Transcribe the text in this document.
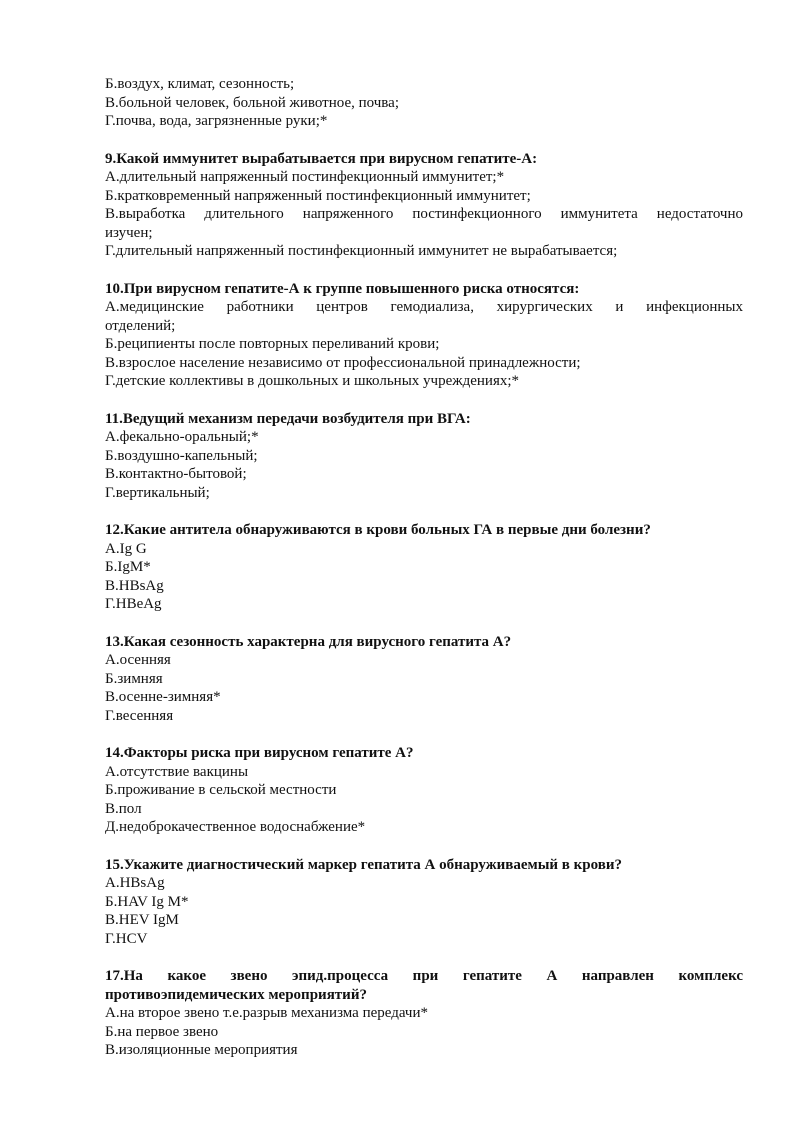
Б.воздух, климат, сезонность;
В.больной человек, больной животное, почва;
Г.почва, вода, загрязненные руки;*
9.Какой иммунитет вырабатывается при вирусном гепатите-А:
А.длительный напряженный постинфекционный иммунитет;*
Б.кратковременный напряженный постинфекционный иммунитет;
В.выработка длительного напряженного постинфекционного иммунитета недостаточно
изучен;
Г.длительный напряженный постинфекционный иммунитет не вырабатывается;
10.При вирусном гепатите-А к группе повышенного риска относятся:
А.медицинские работники центров гемодиализа, хирургических и инфекционных
отделений;
Б.реципиенты после повторных переливаний крови;
В.взрослое население независимо от профессиональной принадлежности;
Г.детские коллективы в дошкольных и школьных учреждениях;*
11.Ведущий механизм передачи возбудителя при ВГА:
А.фекально-оральный;*
Б.воздушно-капельный;
В.контактно-бытовой;
Г.вертикальный;
12.Какие антитела обнаруживаются в крови больных ГА в первые дни болезни?
А.Ig G
Б.IgM*
В.HBsAg
Г.HBeAg
13.Какая сезонность характерна для вирусного гепатита А?
А.осенняя
Б.зимняя
В.осенне-зимняя*
Г.весенняя
14.Факторы риска при вирусном гепатите А?
А.отсутствие вакцины
Б.проживание в сельской местности
В.пол
Д.недоброкачественное водоснабжение*
15.Укажите диагностический маркер гепатита А обнаруживаемый в крови?
А.HBsAg
Б.HAV Ig M*
В.HEV IgM
Г.HCV
17.На какое звено эпид.процесса при гепатите А направлен комплекс
противоэпидемических мероприятий?
А.на второе звено т.е.разрыв механизма передачи*
Б.на первое звено
В.изоляционные мероприятия
